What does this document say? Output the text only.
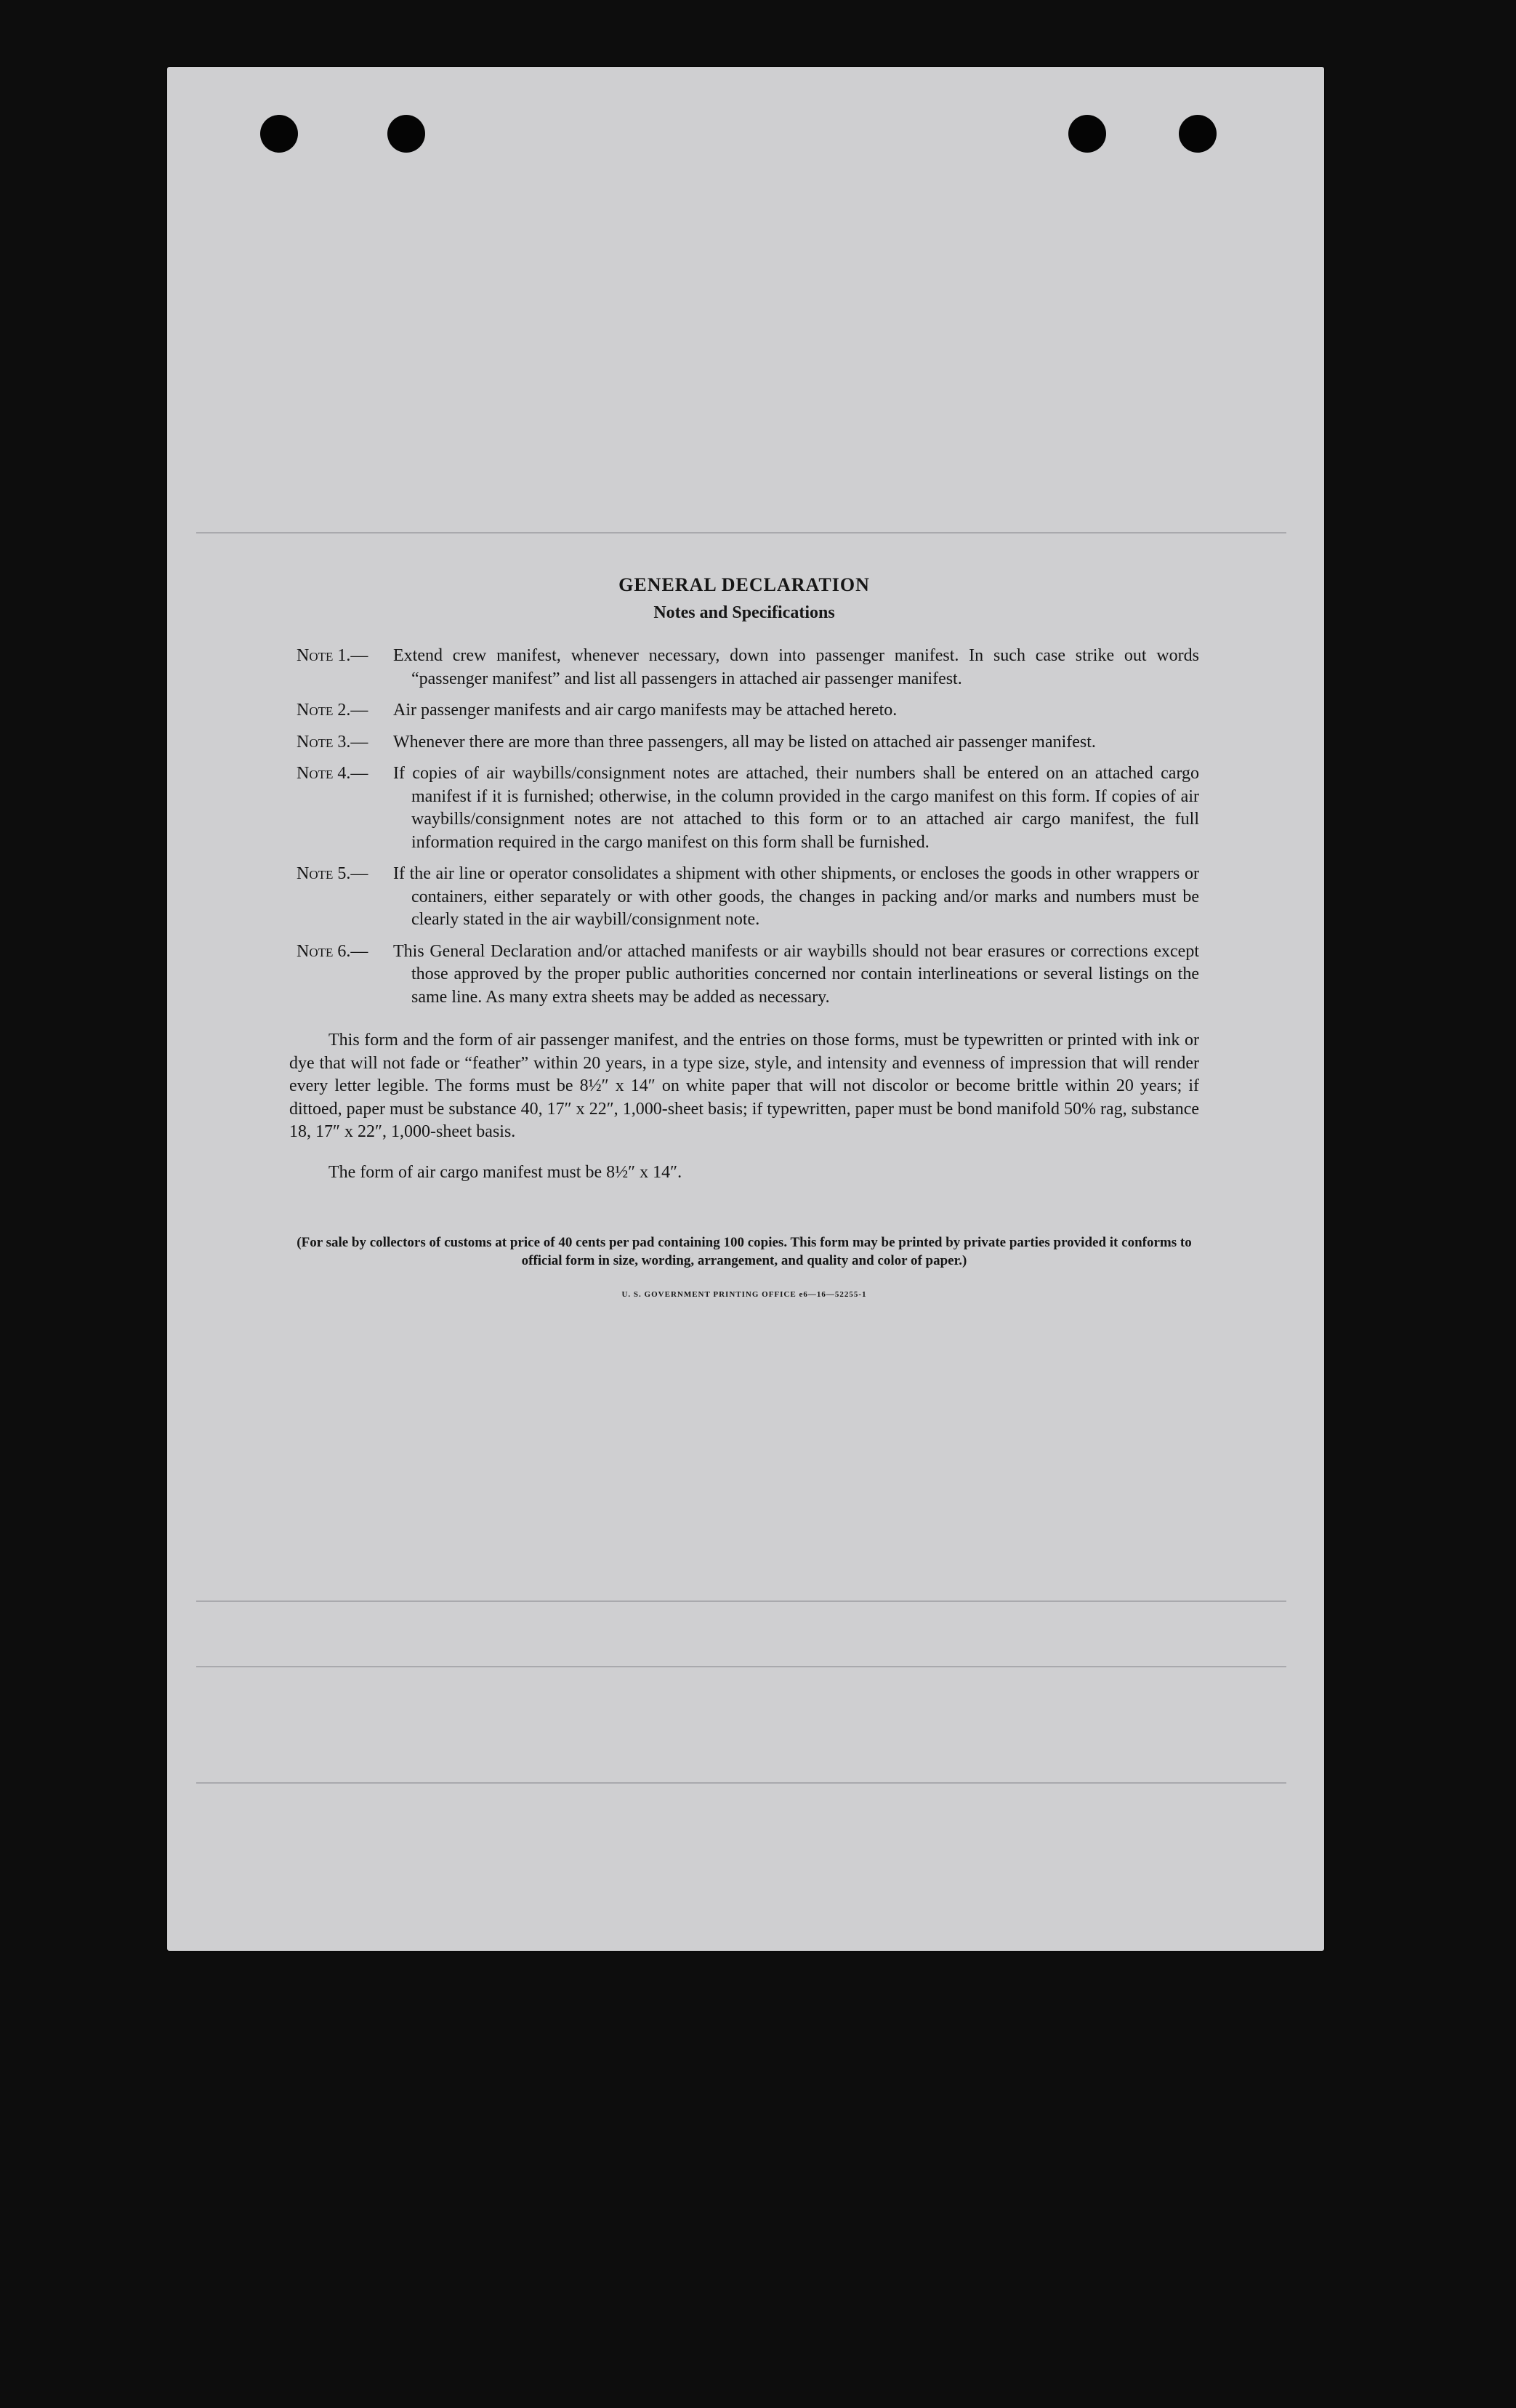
GENERAL DECLARATION
Notes and Specifications
Note 1.— Extend crew manifest, whenever necessary, down into passenger manifest. In such case strike out words “passenger manifest” and list all passengers in attached air passenger manifest.
Note 2.— Air passenger manifests and air cargo manifests may be attached hereto.
Note 3.— Whenever there are more than three passengers, all may be listed on attached air passenger manifest.
Note 4.— If copies of air waybills/consignment notes are attached, their numbers shall be entered on an attached cargo manifest if it is furnished; otherwise, in the column provided in the cargo manifest on this form. If copies of air waybills/consignment notes are not attached to this form or to an attached air cargo manifest, the full information required in the cargo manifest on this form shall be furnished.
Note 5.— If the air line or operator consolidates a shipment with other shipments, or encloses the goods in other wrappers or containers, either separately or with other goods, the changes in packing and/or marks and numbers must be clearly stated in the air waybill/consignment note.
Note 6.— This General Declaration and/or attached manifests or air waybills should not bear erasures or corrections except those approved by the proper public authorities concerned nor contain interlineations or several listings on the same line. As many extra sheets may be added as necessary.

This form and the form of air passenger manifest, and the entries on those forms, must be typewritten or printed with ink or dye that will not fade or “feather” within 20 years, in a type size, style, and intensity and evenness of impression that will render every letter legible. The forms must be 8½″ x 14″ on white paper that will not discolor or become brittle within 20 years; if dittoed, paper must be substance 40, 17″ x 22″, 1,000-sheet basis; if typewritten, paper must be bond manifold 50% rag, substance 18, 17″ x 22″, 1,000-sheet basis.

The form of air cargo manifest must be 8½″ x 14″.
(For sale by collectors of customs at price of 40 cents per pad containing 100 copies. This form may be printed by private parties provided it conforms to official form in size, wording, arrangement, and quality and color of paper.)
U. S. GOVERNMENT PRINTING OFFICE e6—16—52255-1
